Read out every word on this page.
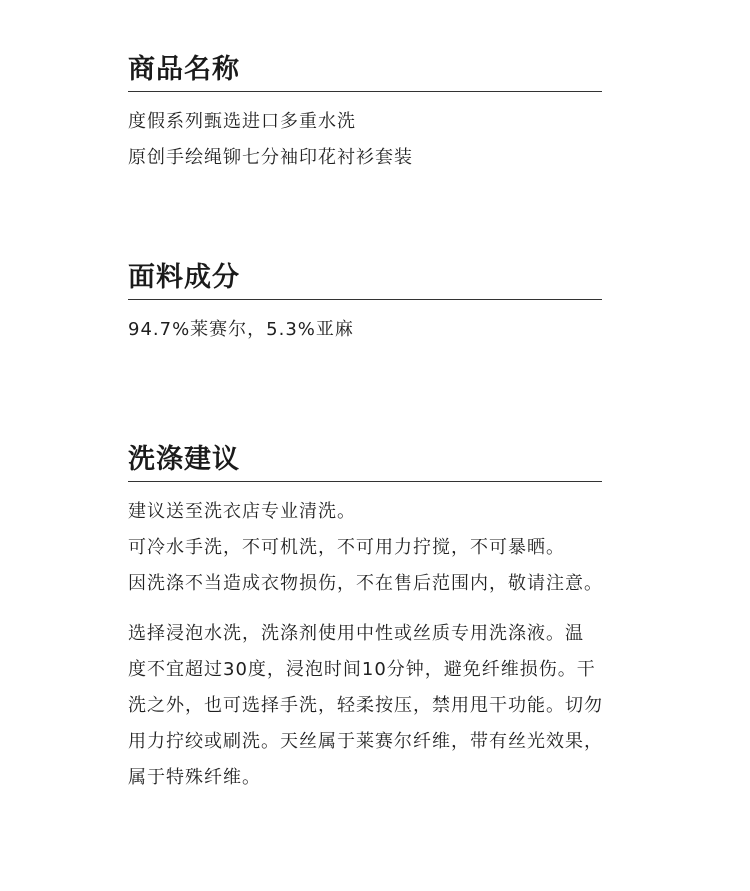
商品名称
度假系列甄选进口多重水洗
原创手绘绳铆七分袖印花衬衫套装
面料成分
94.7%莱赛尔，5.3%亚麻
洗涤建议
建议送至洗衣店专业清洗。
可冷水手洗，不可机洗，不可用力拧搅，不可暴晒。
因洗涤不当造成衣物损伤，不在售后范围内，敬请注意。
选择浸泡水洗，洗涤剂使用中性或丝质专用洗涤液。温
度不宜超过30度，浸泡时间10分钟，避免纤维损伤。干
洗之外，也可选择手洗，轻柔按压，禁用甩干功能。切勿
用力拧绞或刷洗。天丝属于莱赛尔纤维，带有丝光效果，
属于特殊纤维。
